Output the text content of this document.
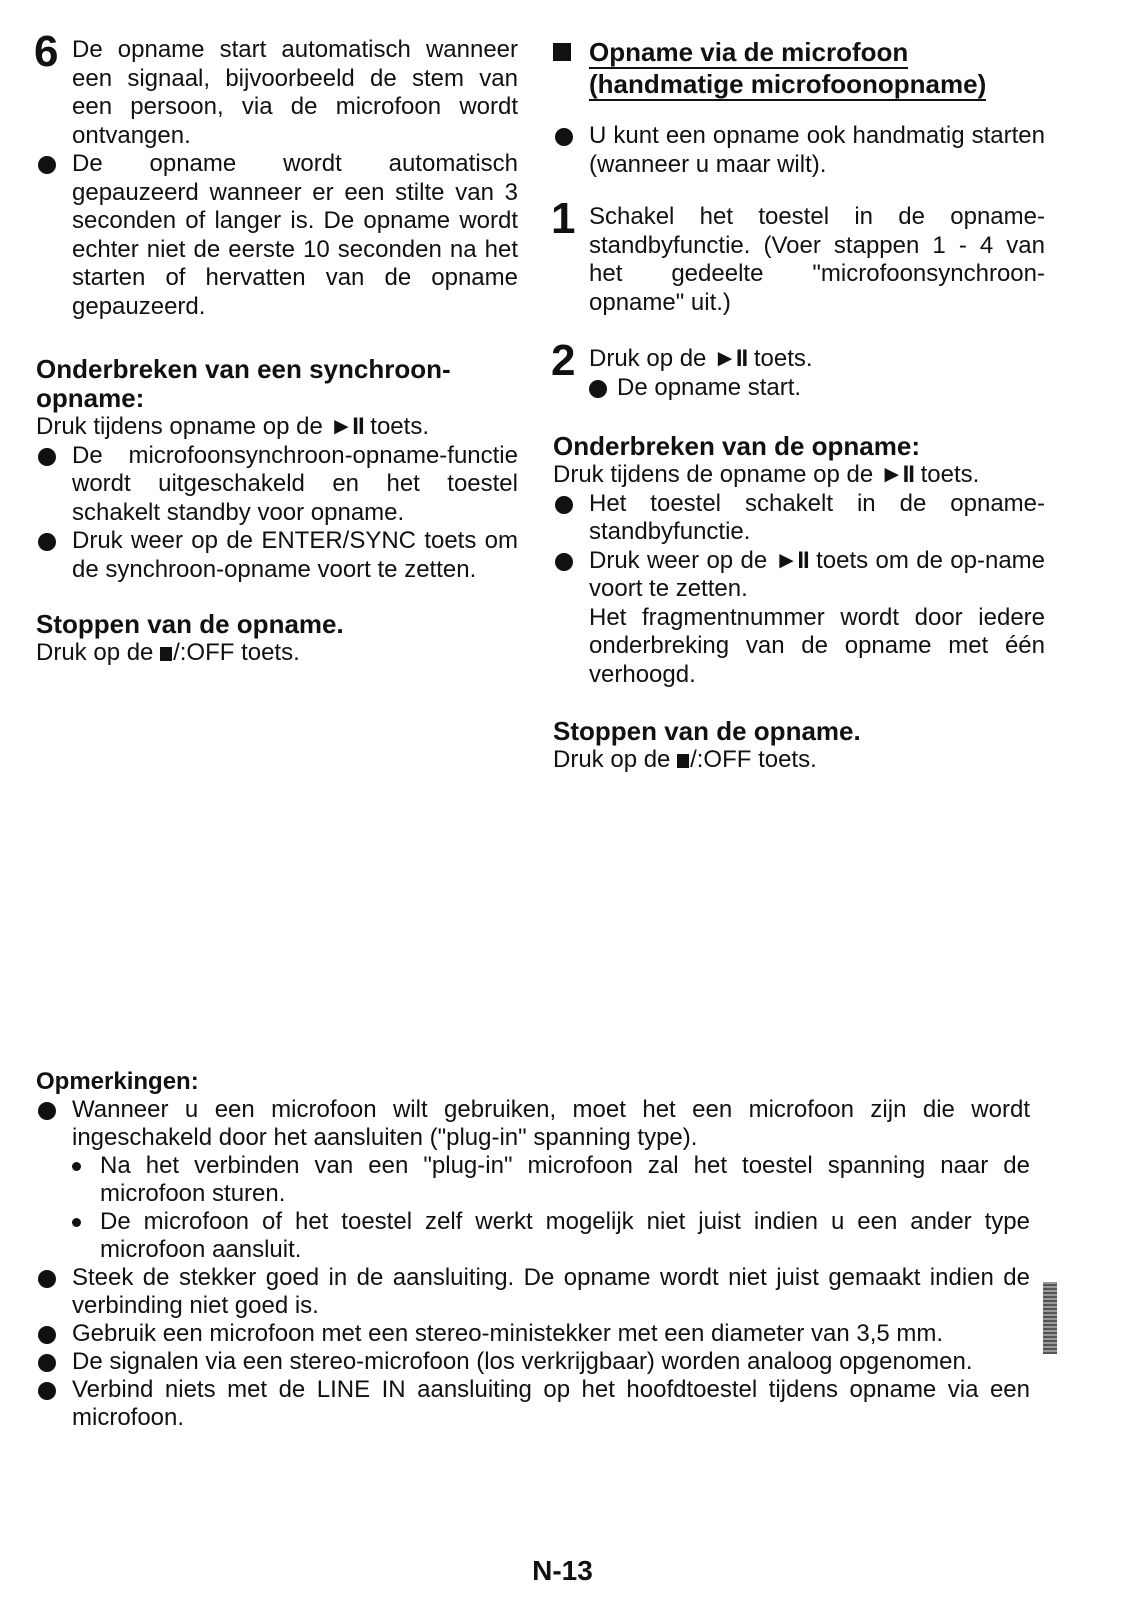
6 De opname start automatisch wanneer een signaal, bijvoorbeeld de stem van een persoon, via de microfoon wordt ontvangen.
De opname wordt automatisch gepauzeerd wanneer er een stilte van 3 seconden of langer is. De opname wordt echter niet de eerste 10 seconden na het starten of hervatten van de opname gepauzeerd.
Onderbreken van een synchroon-opname:
Druk tijdens opname op de ►II toets.
De microfoonsynchroon-opname-functie wordt uitgeschakeld en het toestel schakelt standby voor opname.
Druk weer op de ENTER/SYNC toets om de synchroon-opname voort te zetten.
Stoppen van de opname.
Druk op de /:OFF toets.
Opname via de microfoon
(handmatige microfoonopname)
U kunt een opname ook handmatig starten (wanneer u maar wilt).
1 Schakel het toestel in de opname-standbyfunctie. (Voer stappen 1 - 4 van het gedeelte "microfoonsynchroon-opname" uit.)
2 Druk op de ►II toets.
De opname start.
Onderbreken van de opname:
Druk tijdens de opname op de ►II toets.
Het toestel schakelt in de opname-standbyfunctie.
Druk weer op de ►II toets om de op-name voort te zetten.
Het fragmentnummer wordt door iedere onderbreking van de opname met één verhoogd.
Stoppen van de opname.
Druk op de /:OFF toets.
Opmerkingen:
Wanneer u een microfoon wilt gebruiken, moet het een microfoon zijn die wordt ingeschakeld door het aansluiten ("plug-in" spanning type).
Na het verbinden van een "plug-in" microfoon zal het toestel spanning naar de microfoon sturen.
De microfoon of het toestel zelf werkt mogelijk niet juist indien u een ander type microfoon aansluit.
Steek de stekker goed in de aansluiting. De opname wordt niet juist gemaakt indien de verbinding niet goed is.
Gebruik een microfoon met een stereo-ministekker met een diameter van 3,5 mm.
De signalen via een stereo-microfoon (los verkrijgbaar) worden analoog opgenomen.
Verbind niets met de LINE IN aansluiting op het hoofdtoestel tijdens opname via een microfoon.
N-13
